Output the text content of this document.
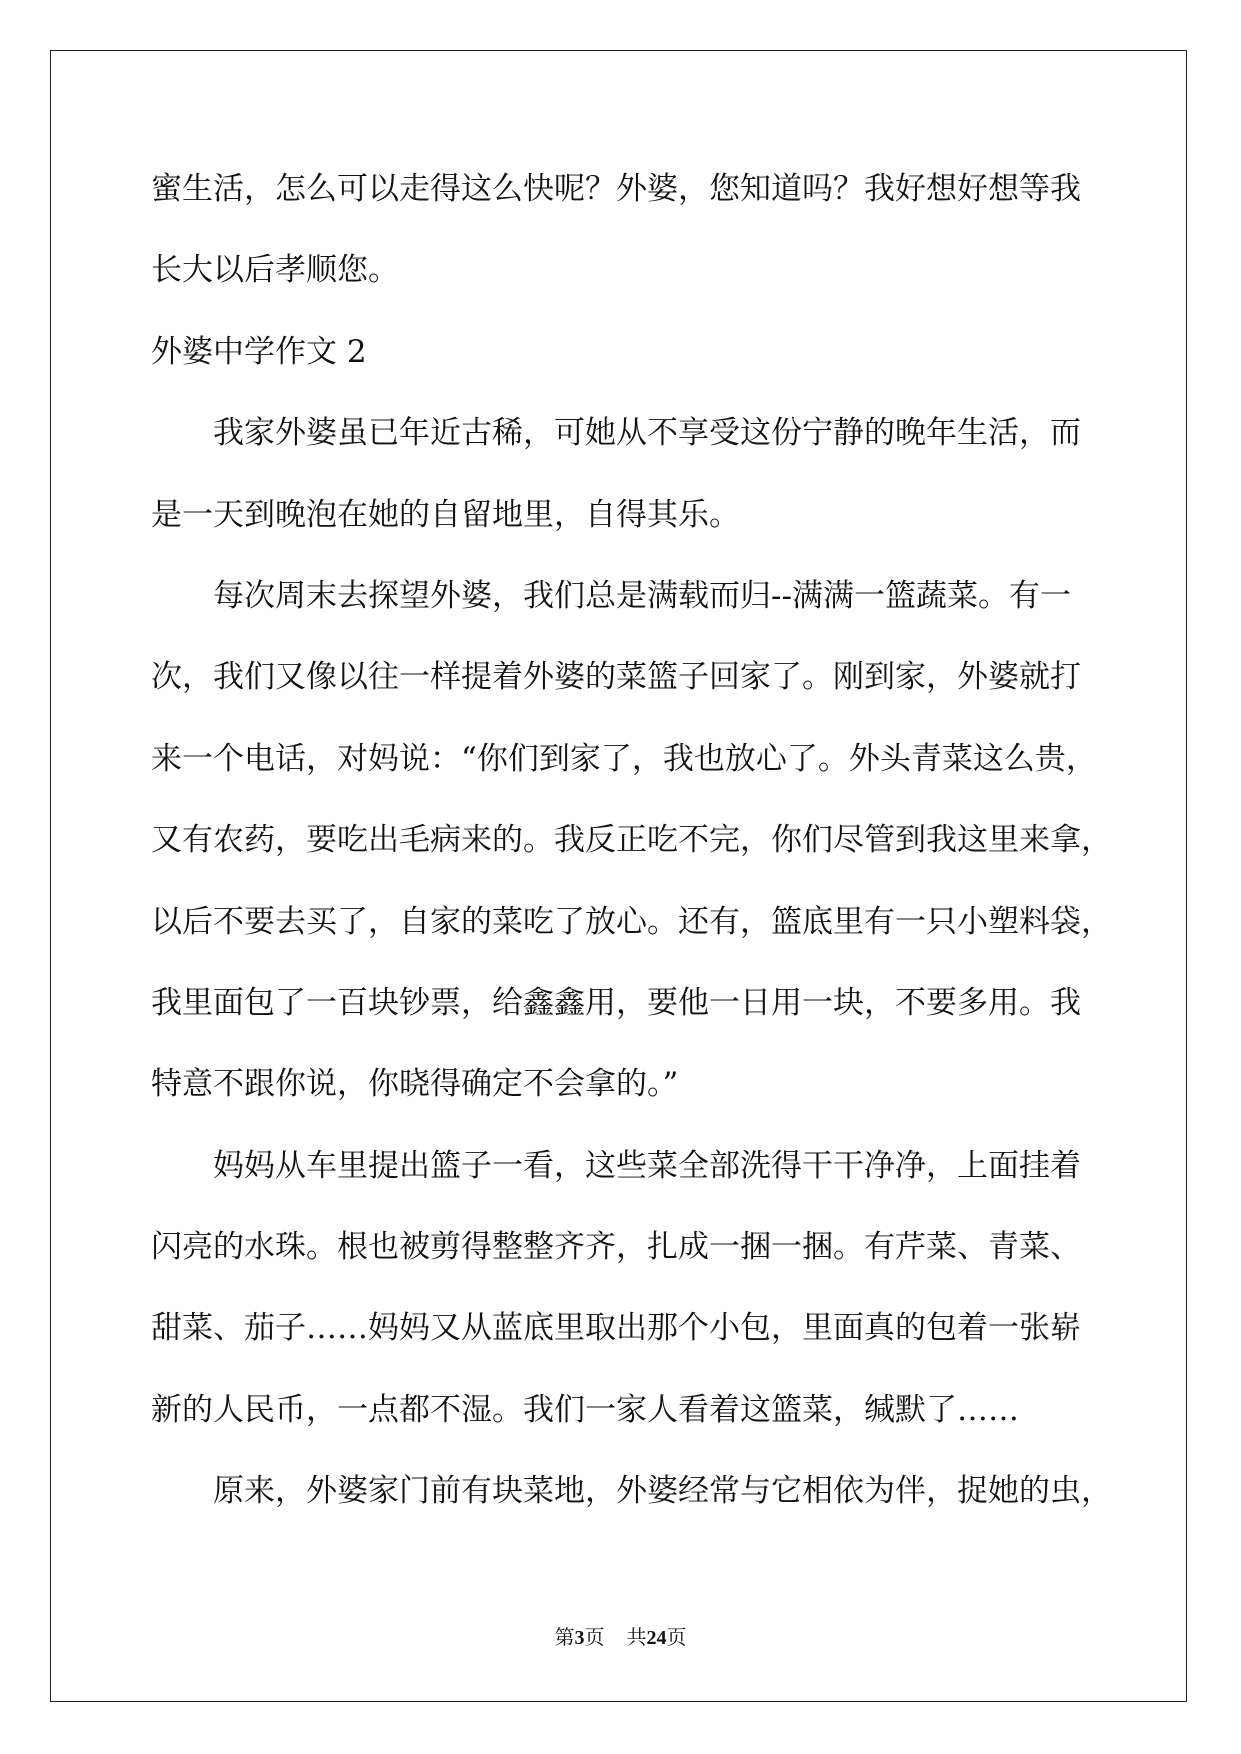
蜜生活，怎么可以走得这么快呢？外婆，您知道吗？我好想好想等我
长大以后孝顺您。
外婆中学作文 2
我家外婆虽已年近古稀，可她从不享受这份宁静的晚年生活，而
是一天到晚泡在她的自留地里，自得其乐。
每次周末去探望外婆，我们总是满载而归--满满一篮蔬菜。有一
次，我们又像以往一样提着外婆的菜篮子回家了。刚到家，外婆就打
来一个电话，对妈说：“你们到家了，我也放心了。外头青菜这么贵，
又有农药，要吃出毛病来的。我反正吃不完，你们尽管到我这里来拿，
以后不要去买了，自家的菜吃了放心。还有，篮底里有一只小塑料袋，
我里面包了一百块钞票，给鑫鑫用，要他一日用一块，不要多用。我
特意不跟你说，你晓得确定不会拿的。”
妈妈从车里提出篮子一看，这些菜全部洗得干干净净，上面挂着
闪亮的水珠。根也被剪得整整齐齐，扎成一捆一捆。有芹菜、青菜、
甜菜、茄子……妈妈又从蓝底里取出那个小包，里面真的包着一张崭
新的人民币，一点都不湿。我们一家人看着这篮菜，缄默了……
原来，外婆家门前有块菜地，外婆经常与它相依为伴，捉她的虫，
第3页 共24页
